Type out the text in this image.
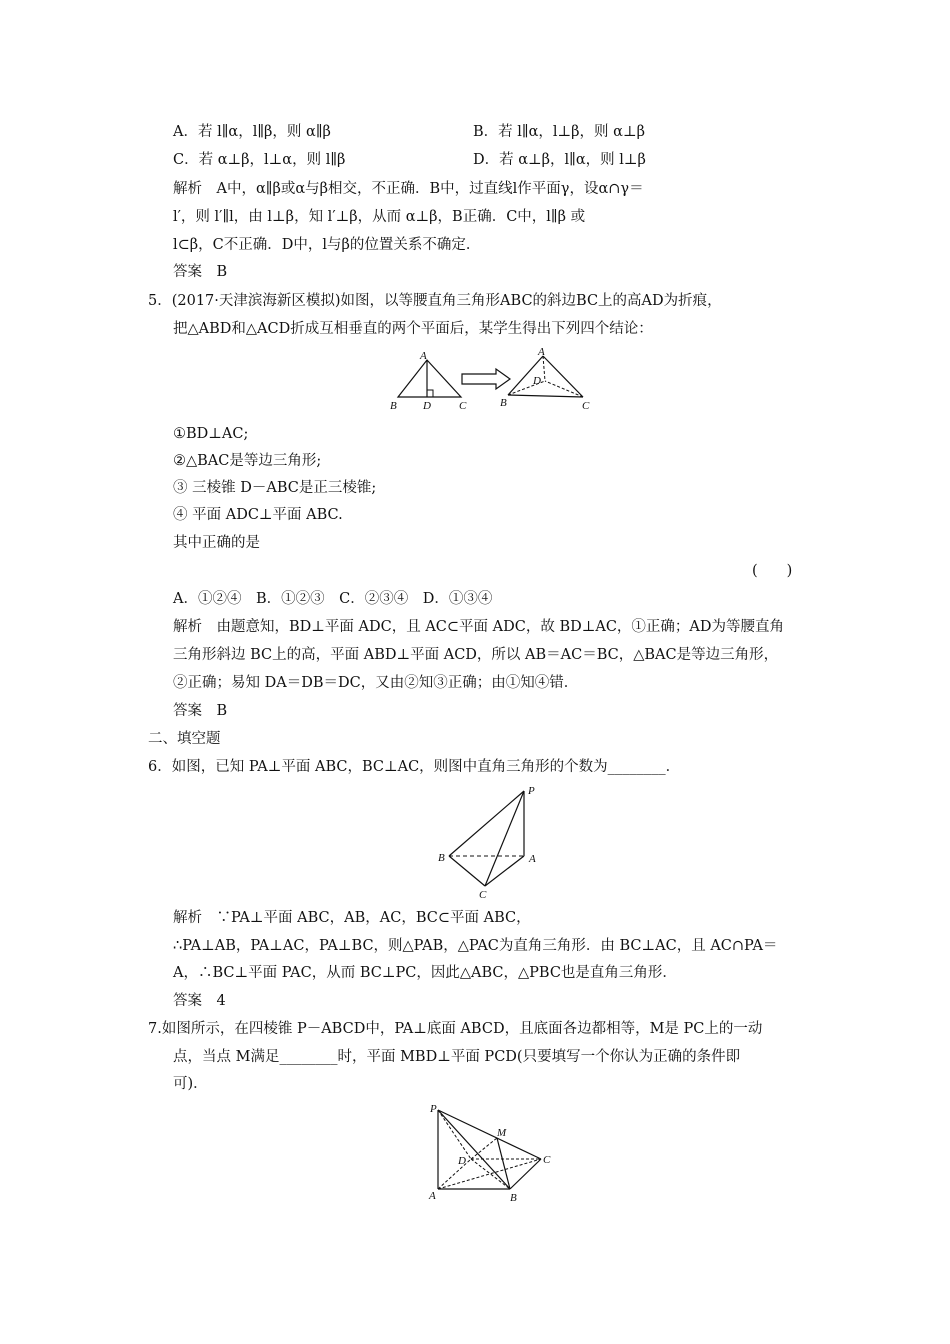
A．若 l∥α，l∥β，则 α∥β	B．若 l∥α，l⊥β，则 α⊥β
C．若 α⊥β，l⊥α，则 l∥β	D．若 α⊥β，l∥α，则 l⊥β
解析　A中，α∥β或α与β相交，不正确．B中，过直线l作平面γ，设α∩γ＝
l′，则 l′∥l，由 l⊥β，知 l′⊥β，从而 α⊥β，B正确．C中，l∥β 或
l⊂β，C不正确．D中，l与β的位置关系不确定．
答案　B
5．(2017·天津滨海新区模拟)如图，以等腰直角三角形ABC的斜边BC上的高AD为折痕，
把△ABD和△ACD折成互相垂直的两个平面后，某学生得出下列四个结论：
A
B D	C
A
D
B	C
①BD⊥AC;
②△BAC是等边三角形;
③ 三棱锥 D－ABC是正三棱锥;
④ 平面 ADC⊥平面 ABC.
其中正确的是
(　　)
A．①②④　B．①②③　C．②③④　D．①③④
解析　由题意知，BD⊥平面 ADC，且 AC⊂平面 ADC，故 BD⊥AC，①正确；AD为等腰直角
三角形斜边 BC上的高，平面 ABD⊥平面 ACD，所以 AB＝AC＝BC，△BAC是等边三角形，
②正确；易知 DA＝DB＝DC，又由②知③正确；由①知④错．
答案　B
二、填空题
6．如图，已知 PA⊥平面 ABC，BC⊥AC，则图中直角三角形的个数为________．
P
A
B
C
解析　∵PA⊥平面 ABC，AB，AC，BC⊂平面 ABC，
∴PA⊥AB，PA⊥AC，PA⊥BC，则△PAB，△PAC为直角三角形．由 BC⊥AC，且 AC∩PA＝
A，∴BC⊥平面 PAC，从而 BC⊥PC，因此△ABC，△PBC也是直角三角形．
答案　4
7.如图所示，在四棱锥 P－ABCD中，PA⊥底面 ABCD，且底面各边都相等，M是 PC上的一动
点，当点 M满足________时，平面 MBD⊥平面 PCD(只要填写一个你认为正确的条件即
可)．
P
M
D	C
A	B
